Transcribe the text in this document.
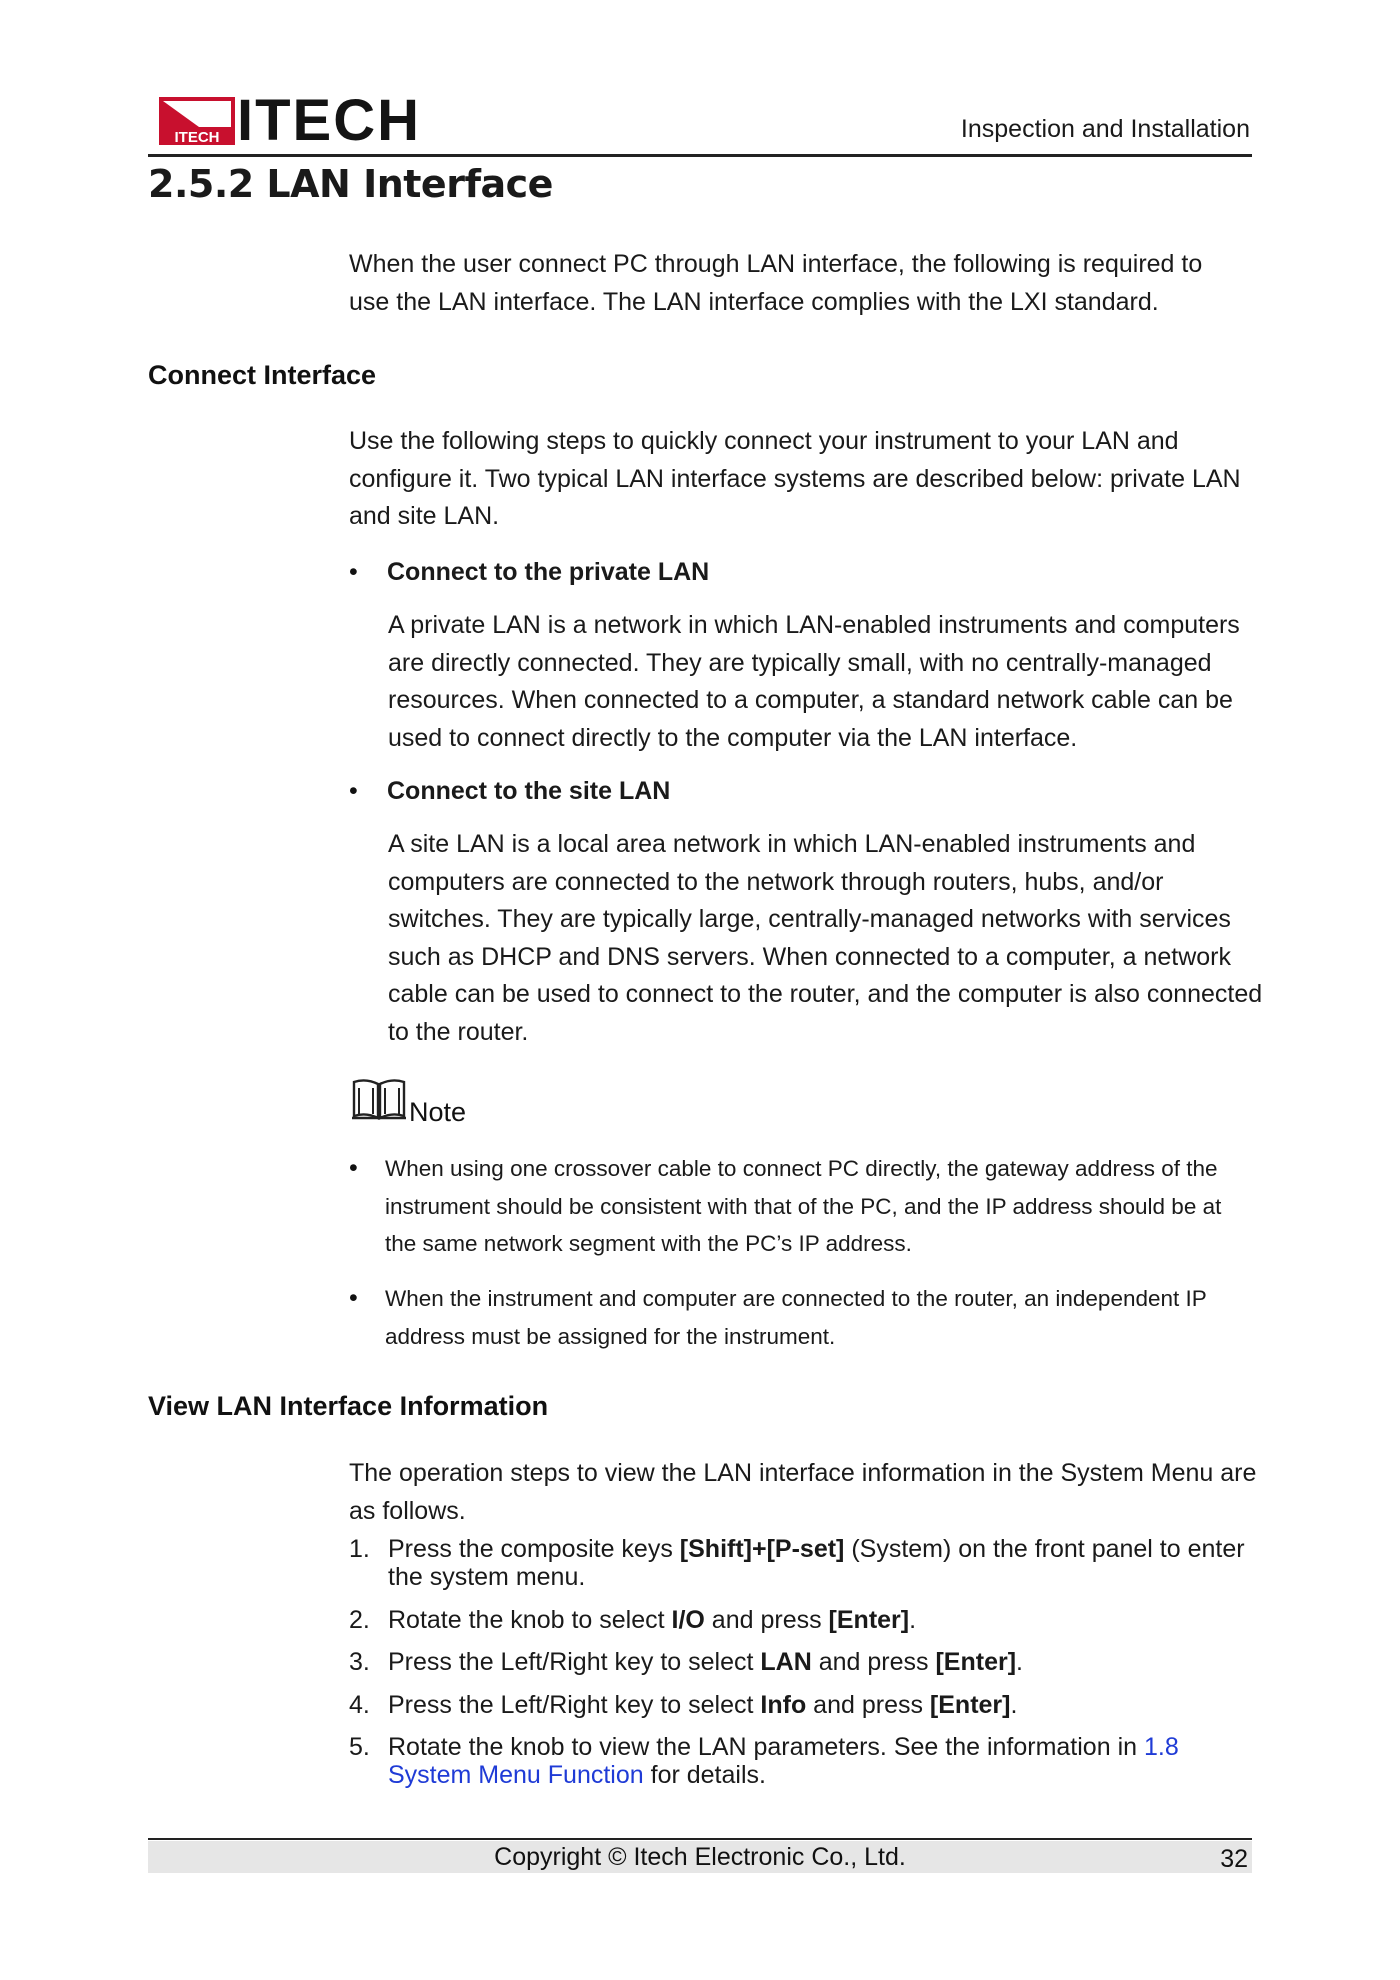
ITECH ITECH	Inspection and Installation
2.5.2 LAN Interface

When the user connect PC through LAN interface, the following is required to use the LAN interface. The LAN interface complies with the LXI standard.

Connect Interface

Use the following steps to quickly connect your instrument to your LAN and configure it. Two typical LAN interface systems are described below: private LAN and site LAN.

•	Connect to the private LAN

A private LAN is a network in which LAN-enabled instruments and computers are directly connected. They are typically small, with no centrally-managed resources. When connected to a computer, a standard network cable can be used to connect directly to the computer via the LAN interface.

•	Connect to the site LAN

A site LAN is a local area network in which LAN-enabled instruments and computers are connected to the network through routers, hubs, and/or switches. They are typically large, centrally-managed networks with services such as DHCP and DNS servers. When connected to a computer, a network cable can be used to connect to the router, and the computer is also connected to the router.

Note
•	When using one crossover cable to connect PC directly, the gateway address of the instrument should be consistent with that of the PC, and the IP address should be at the same network segment with the PC’s IP address.

•	When the instrument and computer are connected to the router, an independent IP address must be assigned for the instrument.

View LAN Interface Information

The operation steps to view the LAN interface information in the System Menu are as follows.

1. Press the composite keys [Shift]+[P-set] (System) on the front panel to enter the system menu.
2. Rotate the knob to select I/O and press [Enter].
3. Press the Left/Right key to select LAN and press [Enter].
4. Press the Left/Right key to select Info and press [Enter].
5. Rotate the knob to view the LAN parameters. See the information in 1.8 System Menu Function for details.
Copyright © Itech Electronic Co., Ltd.	32
